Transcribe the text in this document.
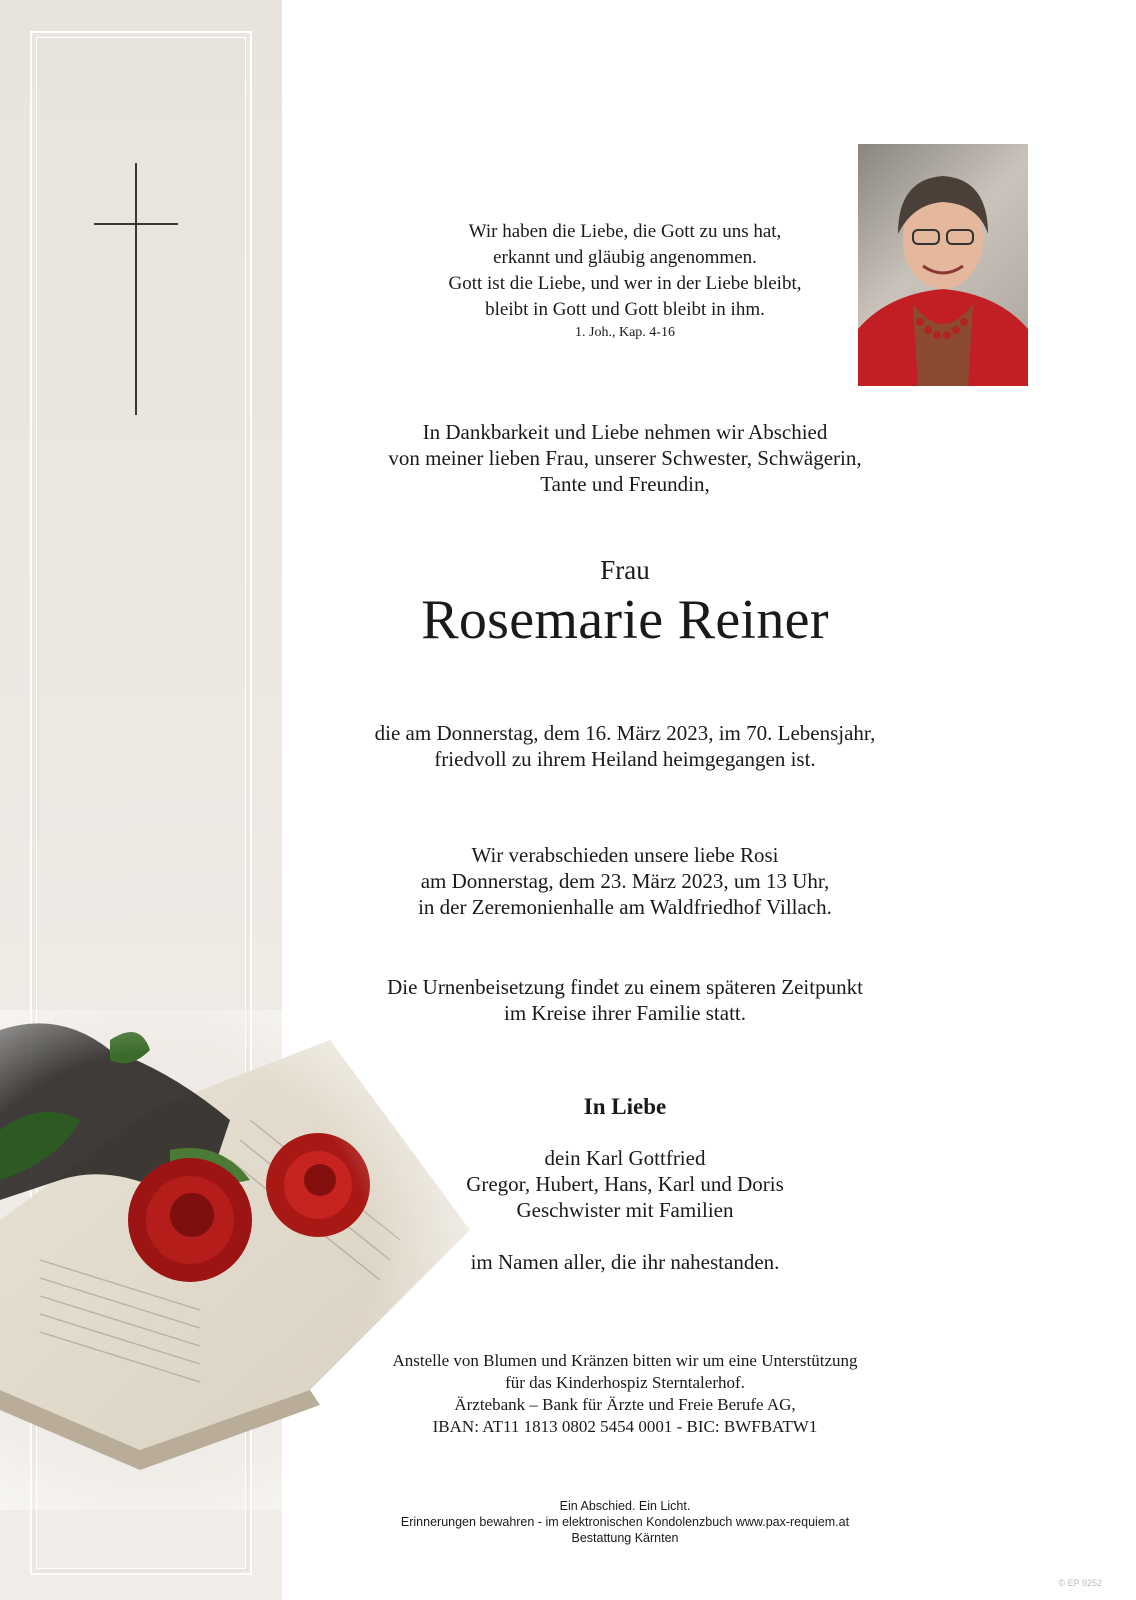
Wir haben die Liebe, die Gott zu uns hat,
erkannt und gläubig angenommen.
Gott ist die Liebe, und wer in der Liebe bleibt,
bleibt in Gott und Gott bleibt in ihm.
1. Joh., Kap. 4-16
In Dankbarkeit und Liebe nehmen wir Abschied
von meiner lieben Frau, unserer Schwester, Schwägerin,
Tante und Freundin,
Frau
Rosemarie Reiner
die am Donnerstag, dem 16. März 2023, im 70. Lebensjahr,
friedvoll zu ihrem Heiland heimgegangen ist.
Wir verabschieden unsere liebe Rosi
am Donnerstag, dem 23. März 2023, um 13 Uhr,
in der Zeremonienhalle am Waldfriedhof Villach.
Die Urnenbeisetzung findet zu einem späteren Zeitpunkt
im Kreise ihrer Familie statt.
In Liebe
dein Karl Gottfried
Gregor, Hubert, Hans, Karl und Doris
Geschwister mit Familien
im Namen aller, die ihr nahestanden.
Anstelle von Blumen und Kränzen bitten wir um eine Unterstützung
für das Kinderhospiz Sterntalerhof.
Ärztebank – Bank für Ärzte und Freie Berufe AG,
IBAN: AT11 1813 0802 5454 0001 - BIC: BWFBATW1
Ein Abschied. Ein Licht.
Erinnerungen bewahren - im elektronischen Kondolenzbuch www.pax-requiem.at
Bestattung Kärnten
© EP 9252
